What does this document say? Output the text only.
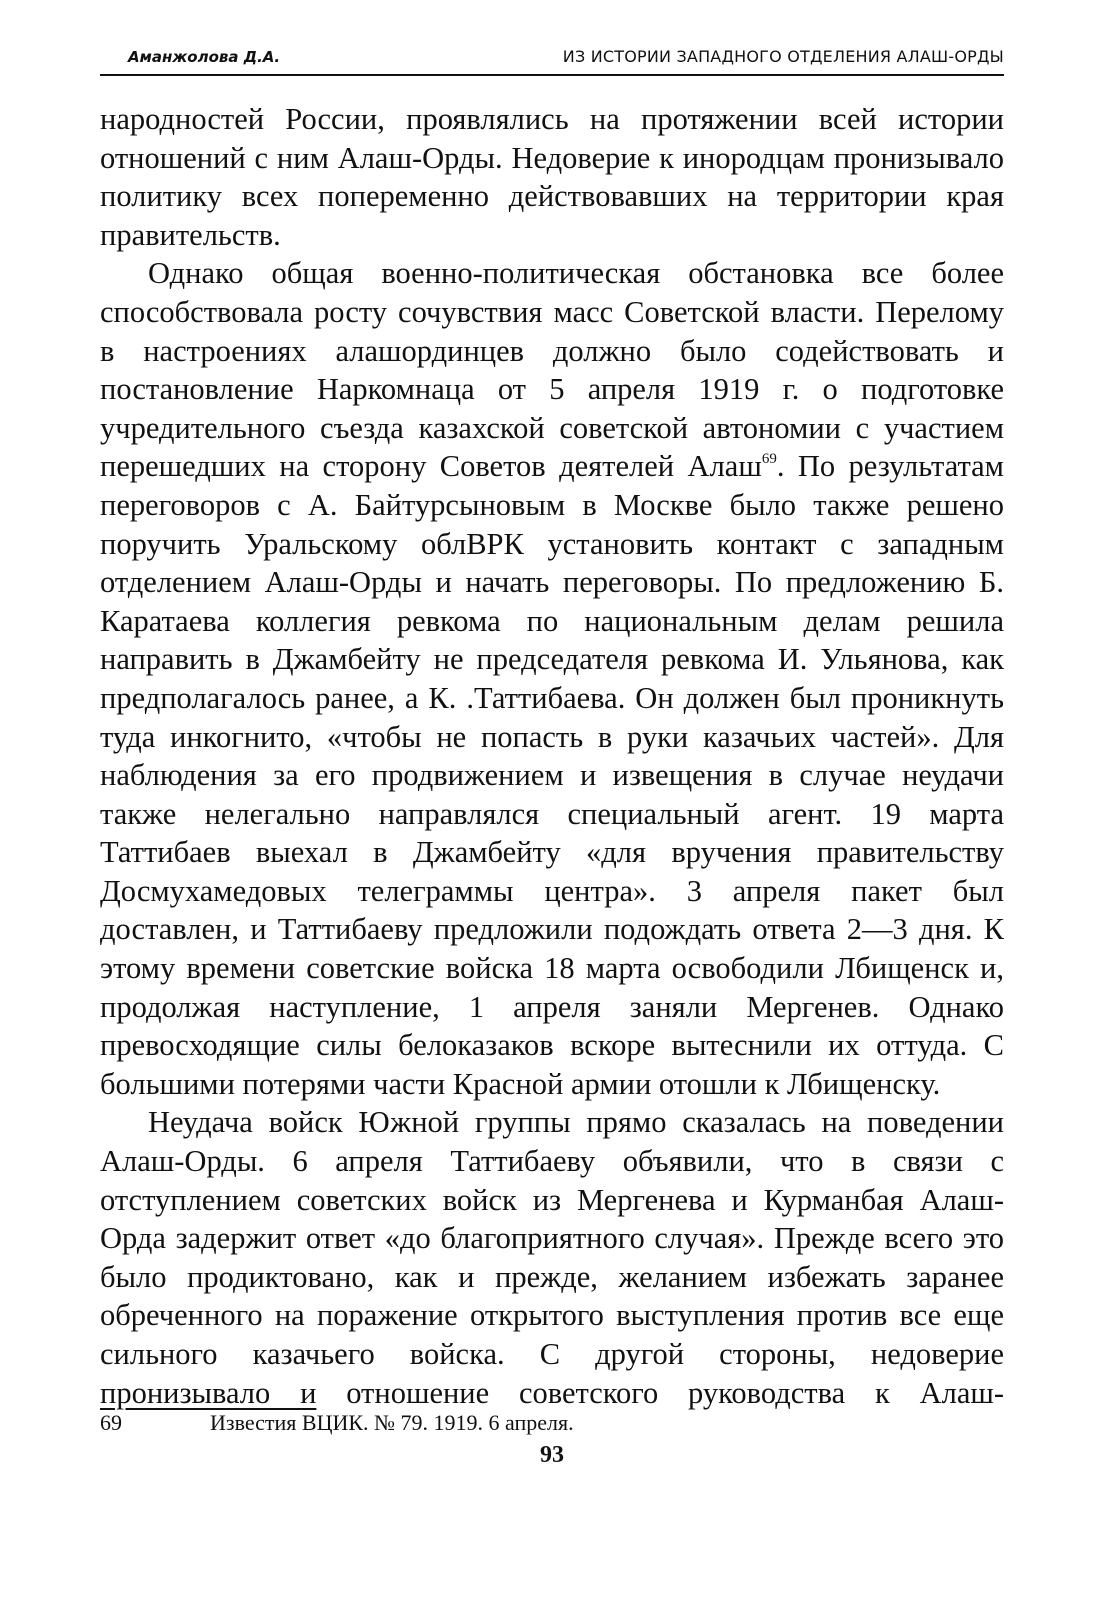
Аманжолова Д.А.	ИЗ ИСТОРИИ ЗАПАДНОГО ОТДЕЛЕНИЯ АЛАШ-ОРДЫ

народностей России, проявлялись на протяжении всей истории отношений с ним Алаш-Орды. Недоверие к инородцам пронизывало политику всех попеременно действовавших на территории края правительств.

Однако общая военно-политическая обстановка все более способствовала росту сочувствия масс Советской власти. Перелому в настроениях алашординцев должно было содействовать и постановление Наркомнаца от 5 апреля 1919 г. о подготовке учредительного съезда казахской советской автономии с участием перешедших на сторону Советов деятелей Алаш$^{69}$. По результатам переговоров с А. Байтурсыновым в Москве было также решено поручить Уральскому облВРК установить контакт с западным отделением Алаш-Орды и начать переговоры. По предложению Б. Каратаева коллегия ревкома по национальным делам решила направить в Джамбейту не председателя ревкома И. Ульянова, как предполагалось ранее, а К. .Таттибаева. Он должен был проникнуть туда инкогнито, «чтобы не попасть в руки казачьих частей». Для наблюдения за его продвижением и извещения в случае неудачи также нелегально направлялся специальный агент. 19 марта Таттибаев выехал в Джамбейту «для вручения правительству Досмухамедовых телеграммы центра». 3 апреля пакет был доставлен, и Таттибаеву предложили подождать ответа 2—3 дня. К этому времени советские войска 18 марта освободили Лбищенск и, продолжая наступление, 1 апреля заняли Мергенев. Однако превосходящие силы белоказаков вскоре вытеснили их оттуда. С большими потерями части Красной армии отошли к Лбищенску.

Неудача войск Южной группы прямо сказалась на поведении Алаш-Орды. 6 апреля Таттибаеву объявили, что в связи с отступлением советских войск из Мергенева и Курманбая Алаш-Орда задержит ответ «до благоприятного случая». Прежде всего это было продиктовано, как и прежде, желанием избежать заранее обреченного на поражение открытого выступления против все еще сильного казачьего войска. С другой стороны, недоверие пронизывало и отношение советского руководства к Алаш-

69	Известия ВЦИК. № 79. 1919. 6 апреля.
93
